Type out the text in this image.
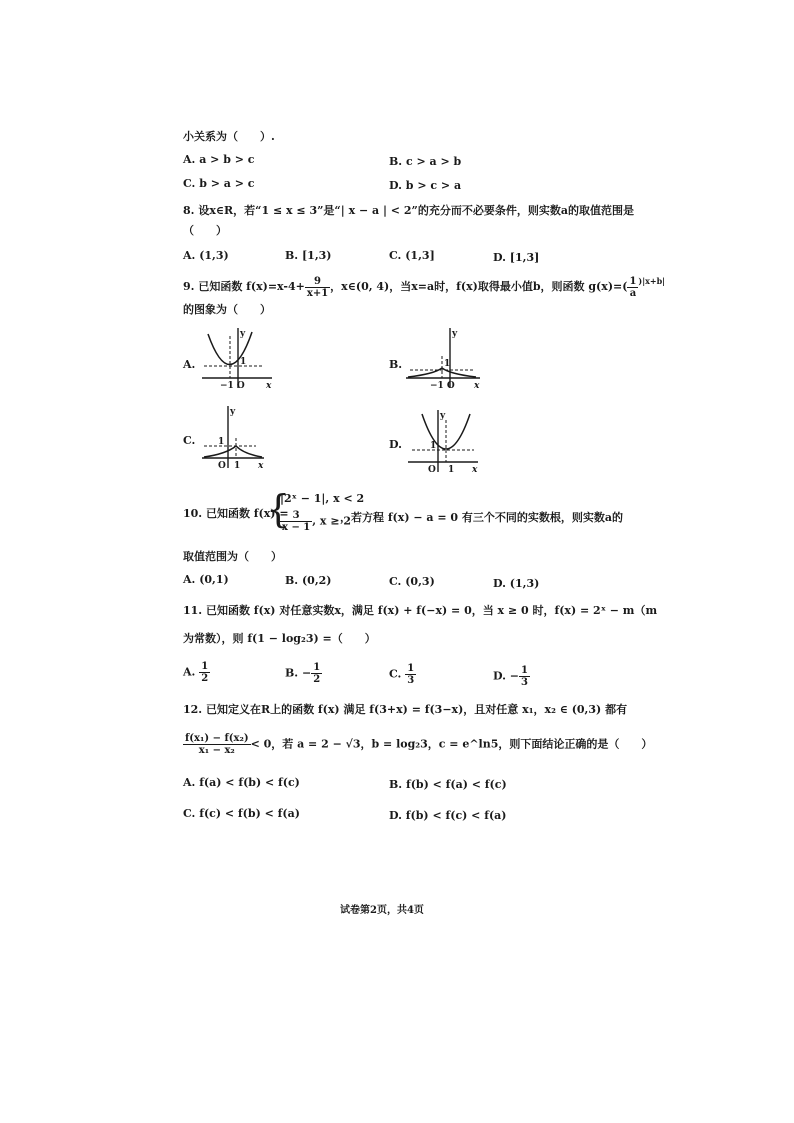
小关系为（　　）.
A. a > b > c	B. c > a > b
C. b > a > c	D. b > c > a
8. 设x∈R，若“1 ≤ x ≤ 3”是“| x − a | < 2”的充分而不必要条件，则实数a的取值范围是
（　　）
A. (1,3)	B. [1,3)	C. (1,3]	D. [1,3]
9. 已知函数 $f(x)=x-4+ \frac{9}{x+1}$ ，x∈(0, 4)，当x=a时，f(x)取得最小值b，则函数 $g(x)=( \frac{1}{a} ^{)|x+b|}$
的图象为（　　）
A.
y
1
−1 O x
B.
y
1
−1 O x
C.
y
1
O 1 x
D.
y
1
O 1 x
10. 已知函数 f(x) =
{
|2ˣ − 1|, x < 2
$\frac{3}{x - 1}$ , x ≥ 2
，若方程 f(x) − a = 0 有三个不同的实数根，则实数a的
取值范围为（　　）
A. (0,1)	B. (0,2)	C. (0,3)	D. (1,3)
11. 已知函数 f(x) 对任意实数x，满足 f(x) + f(−x) = 0，当 x ≥ 0 时，f(x) = 2ˣ − m（m
为常数），则 f(1 − log₂3) =（　　）
A. $\frac{1}{2}$	B. − $\frac{1}{2}$	C. $\frac{1}{3}$	D. − $\frac{1}{3}$
12. 已知定义在R上的函数 f(x) 满足 f(3+x) = f(3−x)，且对任意 x₁，x₂ ∈ (0,3) 都有
$\frac{\text{f(x₁) − f(x₂)}}{\text{x₁ − x₂}} < 0$，若 a = 2 − √3，b = log₂3，c = e^ln5，则下面结论正确的是（　　）
A. f(a) < f(b) < f(c)	B. f(b) < f(a) < f(c)
C. f(c) < f(b) < f(a)	D. f(b) < f(c) < f(a)
试卷第2页，共4页
